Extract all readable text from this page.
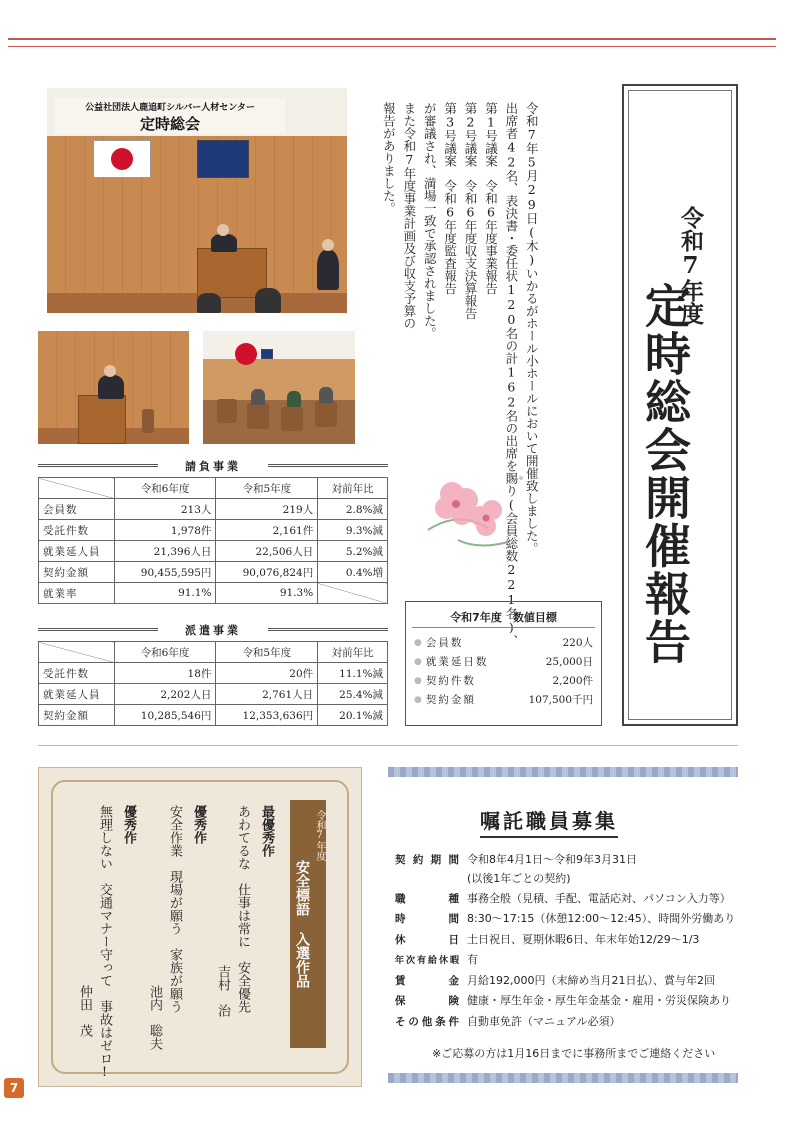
公益社団法人鹿追町シルバー人材センター
定時総会	令和7年5月29日(木)いかるがホール小ホールにおいて開催致しました。
出席者42名、表決書・委任状120名の計162名の出席を賜り(会員総数221名)、
第1号議案　令和6年度事業報告
第2号議案　令和6年度収支決算報告
第3号議案　令和6年度監査報告
が審議され、満場一致で承認されました。
また令和7年度事業計画及び収支予算の
報告がありました。
令和7年度
定時総会開催報告
請負事業
	令和6年度	令和5年度	対前年比
会員数	213人	219人	2.8%減
受託件数	1,978件	2,161件	9.3%減
就業延人員	21,396人日	22,506人日	5.2%減
契約金額	90,455,595円	90,076,824円	0.4%増
就業率	91.1%	91.3%	
派遣事業
	令和6年度	令和5年度	対前年比
受託件数	18件	20件	11.1%減
就業延人員	2,202人日	2,761人日	25.4%減
契約金額	10,285,546円	12,353,636円	20.1%減
令和7年度　数値目標
● 会員数	220人
● 就業延日数	25,000日
● 契約件数	2,200件
● 契約金額	107,500千円
令和7年度
安全標語 入選作品
最優秀作
あわてるな　仕事は常に　安全優先
吉村　治
優秀作
安全作業　現場が願う　家族が願う
池内　聡夫
優秀作
無理しない　交通マナー守って　事故はゼロ!
仲田　茂
嘱託職員募集
契約期間 令和8年4月1日～令和9年3月31日
(以後1年ごとの契約)
職種 事務全般（見積、手配、電話応対、パソコン入力等）
時間 8:30～17:15（休憩12:00～12:45）、時間外労働あり
休日 土日祝日、夏期休暇6日、年末年始12/29～1/3
年次有給休暇 有
賃金 月給192,000円（末締め当月21日払）、賞与年2回
保険 健康・厚生年金・厚生年金基金・雇用・労災保険あり
その他条件 自動車免許（マニュアル必須）
※ご応募の方は1月16日までに事務所までご連絡ください
7
